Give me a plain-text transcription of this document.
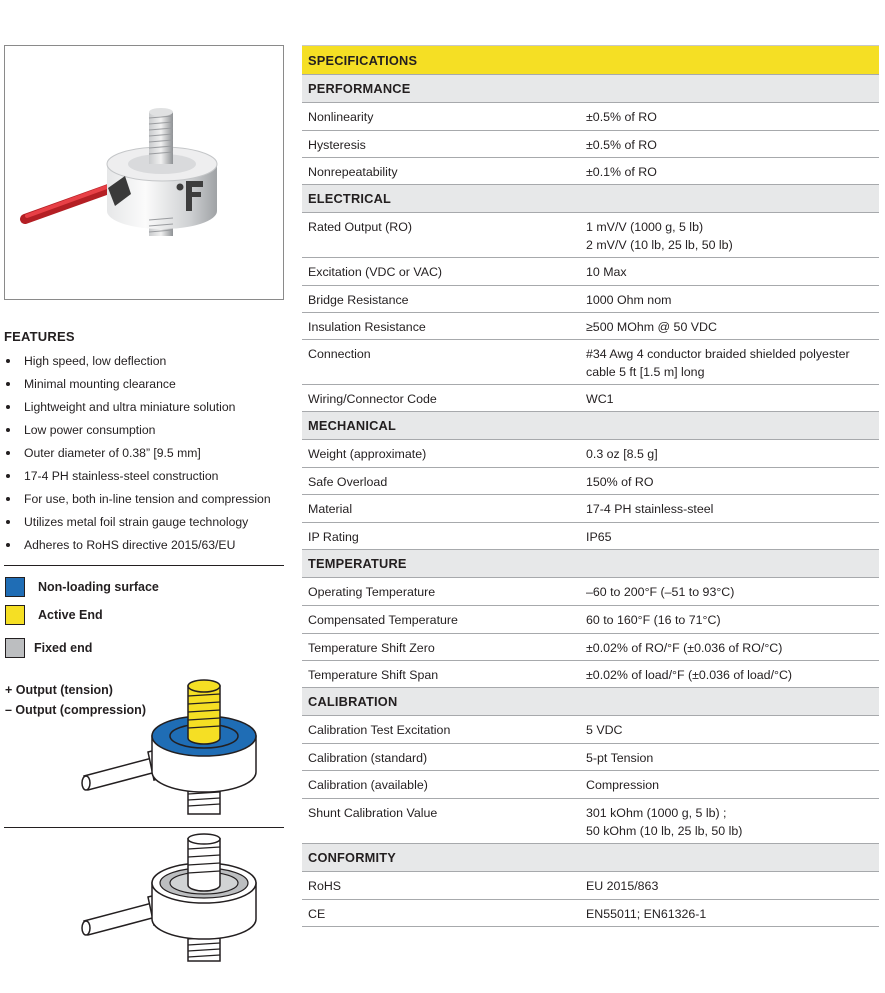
FEATURES
High speed, low deflection
Minimal mounting clearance
Lightweight and ultra miniature solution
Low power consumption
Outer diameter of 0.38” [9.5 mm]
17-4 PH stainless-steel construction
For use, both in-line tension and compression
Utilizes metal foil strain gauge technology
Adheres to RoHS directive 2015/63/EU
Non-loading surface
Active End
Fixed end
+ Output (tension)
– Output (compression)
SPECIFICATIONS
PERFORMANCE
Nonlinearity	±0.5% of RO
Hysteresis	±0.5% of RO
Nonrepeatability	±0.1% of RO
ELECTRICAL
Rated Output (RO)	1 mV/V (1000 g, 5 lb)
2 mV/V (10 lb, 25 lb, 50 lb)
Excitation (VDC or VAC)	10 Max
Bridge Resistance	1000 Ohm nom
Insulation Resistance	≥500 MOhm @ 50 VDC
Connection	#34 Awg 4 conductor braided shielded polyester
cable 5 ft [1.5 m] long
Wiring/Connector Code	WC1
MECHANICAL
Weight (approximate)	0.3 oz [8.5 g]
Safe Overload	150% of RO
Material	17-4 PH stainless-steel
IP Rating	IP65
TEMPERATURE
Operating Temperature	–60 to 200°F (–51 to 93°C)
Compensated Temperature	60 to 160°F (16 to 71°C)
Temperature Shift Zero	±0.02% of RO/°F (±0.036 of RO/°C)
Temperature Shift Span	±0.02% of load/°F (±0.036 of load/°C)
CALIBRATION
Calibration Test Excitation	5 VDC
Calibration (standard)	5-pt Tension
Calibration (available)	Compression
Shunt Calibration Value	301 kOhm (1000 g, 5 lb) ;
50 kOhm (10 lb, 25 lb, 50 lb)
CONFORMITY
RoHS	EU 2015/863
CE	EN55011; EN61326-1
